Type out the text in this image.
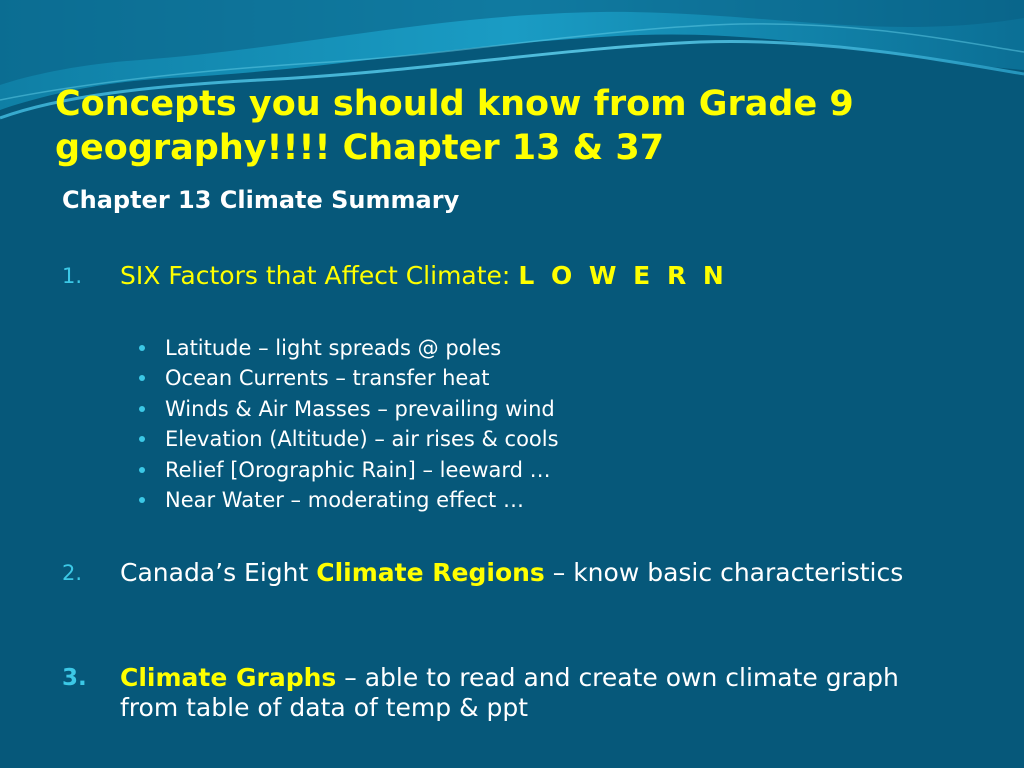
Concepts you should know from Grade 9 geography!!!! Chapter 13 & 37
Chapter 13 Climate Summary
1.	SIX Factors that Affect Climate: L O W E R N
Latitude – light spreads @ poles
Ocean Currents – transfer heat
Winds & Air Masses – prevailing wind
Elevation (Altitude) – air rises & cools
Relief [Orographic Rain] – leeward …
Near Water – moderating effect …
2.	Canada’s Eight Climate Regions – know basic characteristics
3.	Climate Graphs – able to read and create own climate graph from table of data of temp & ppt
